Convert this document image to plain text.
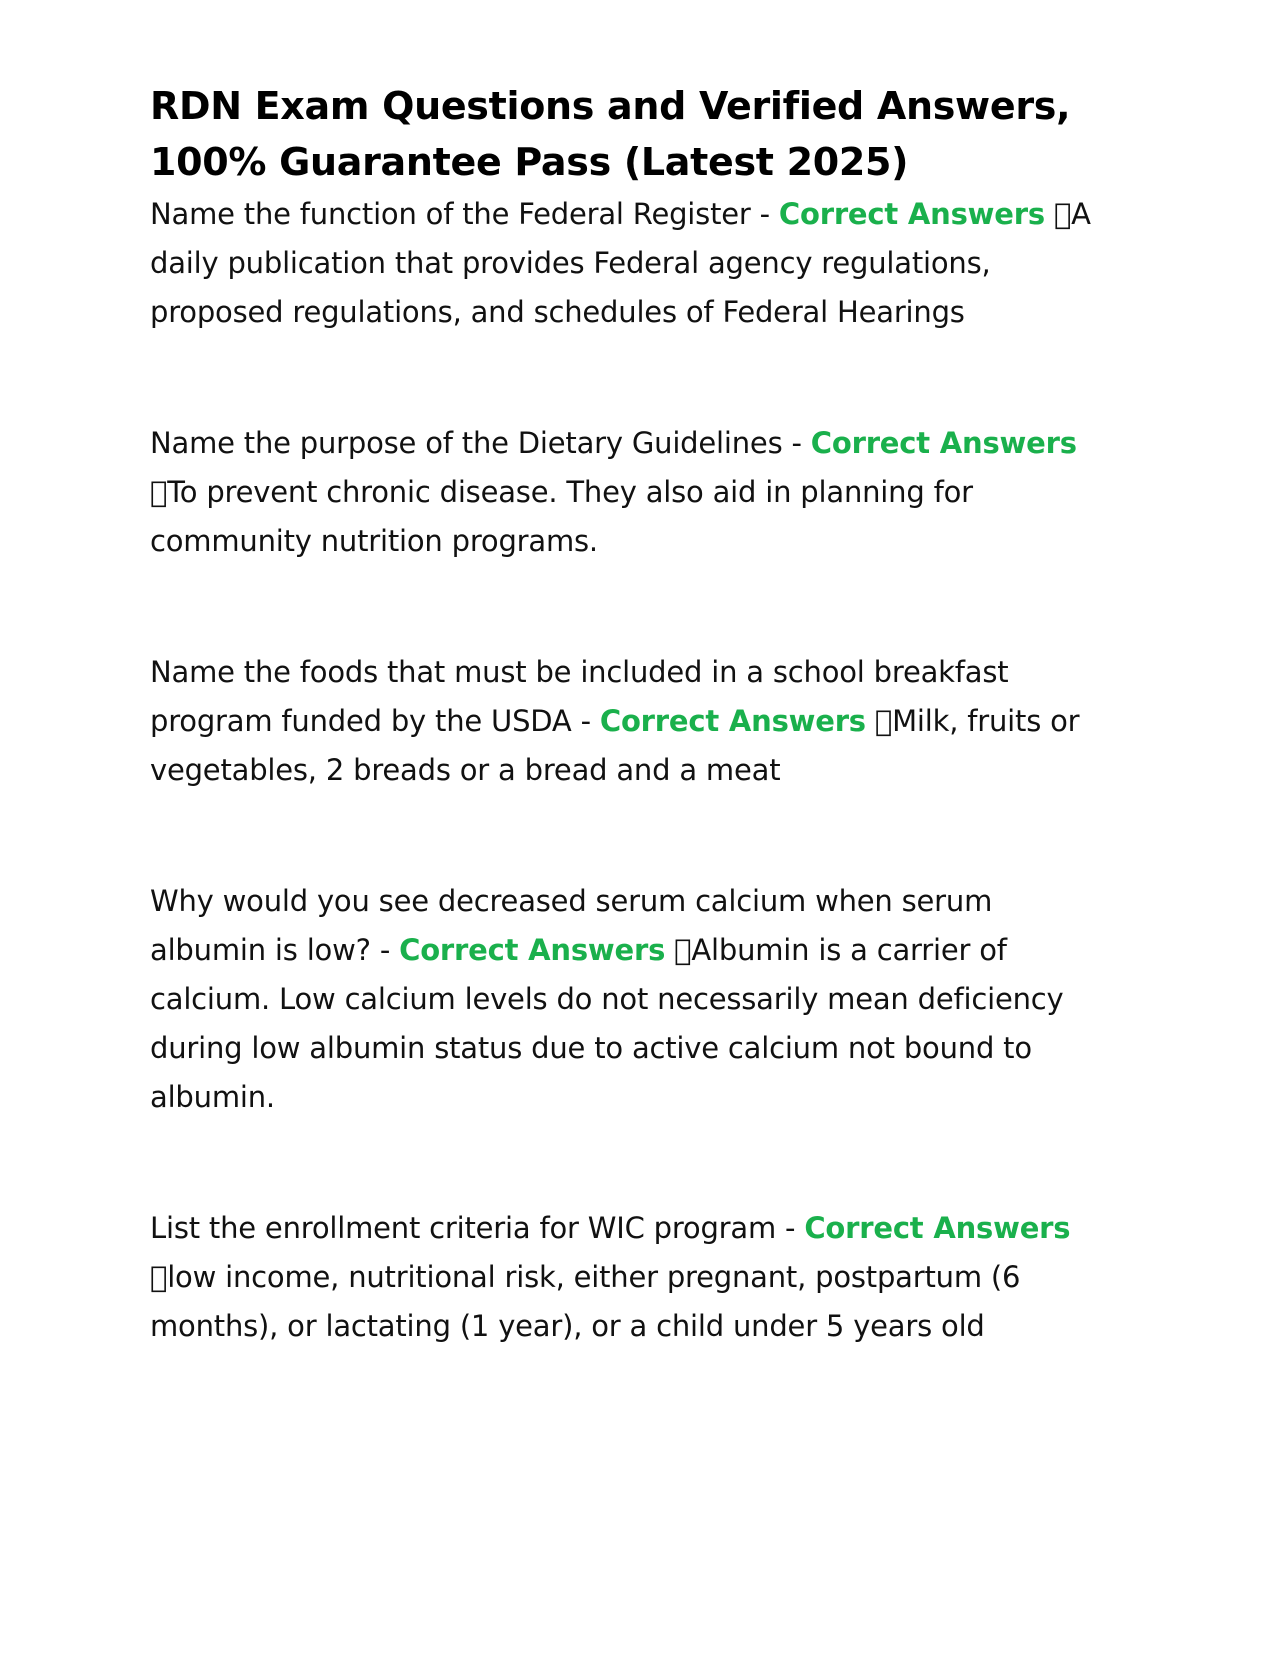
RDN Exam Questions and Verified Answers, 100% Guarantee Pass (Latest 2025)

Name the function of the Federal Register - Correct Answers A daily publication that provides Federal agency regulations, proposed regulations, and schedules of Federal Hearings

Name the purpose of the Dietary Guidelines - Correct Answers To prevent chronic disease. They also aid in planning for community nutrition programs.

Name the foods that must be included in a school breakfast program funded by the USDA - Correct Answers Milk, fruits or vegetables, 2 breads or a bread and a meat

Why would you see decreased serum calcium when serum albumin is low? - Correct Answers Albumin is a carrier of calcium. Low calcium levels do not necessarily mean deficiency during low albumin status due to active calcium not bound to albumin.

List the enrollment criteria for WIC program - Correct Answers low income, nutritional risk, either pregnant, postpartum (6 months), or lactating (1 year), or a child under 5 years old
